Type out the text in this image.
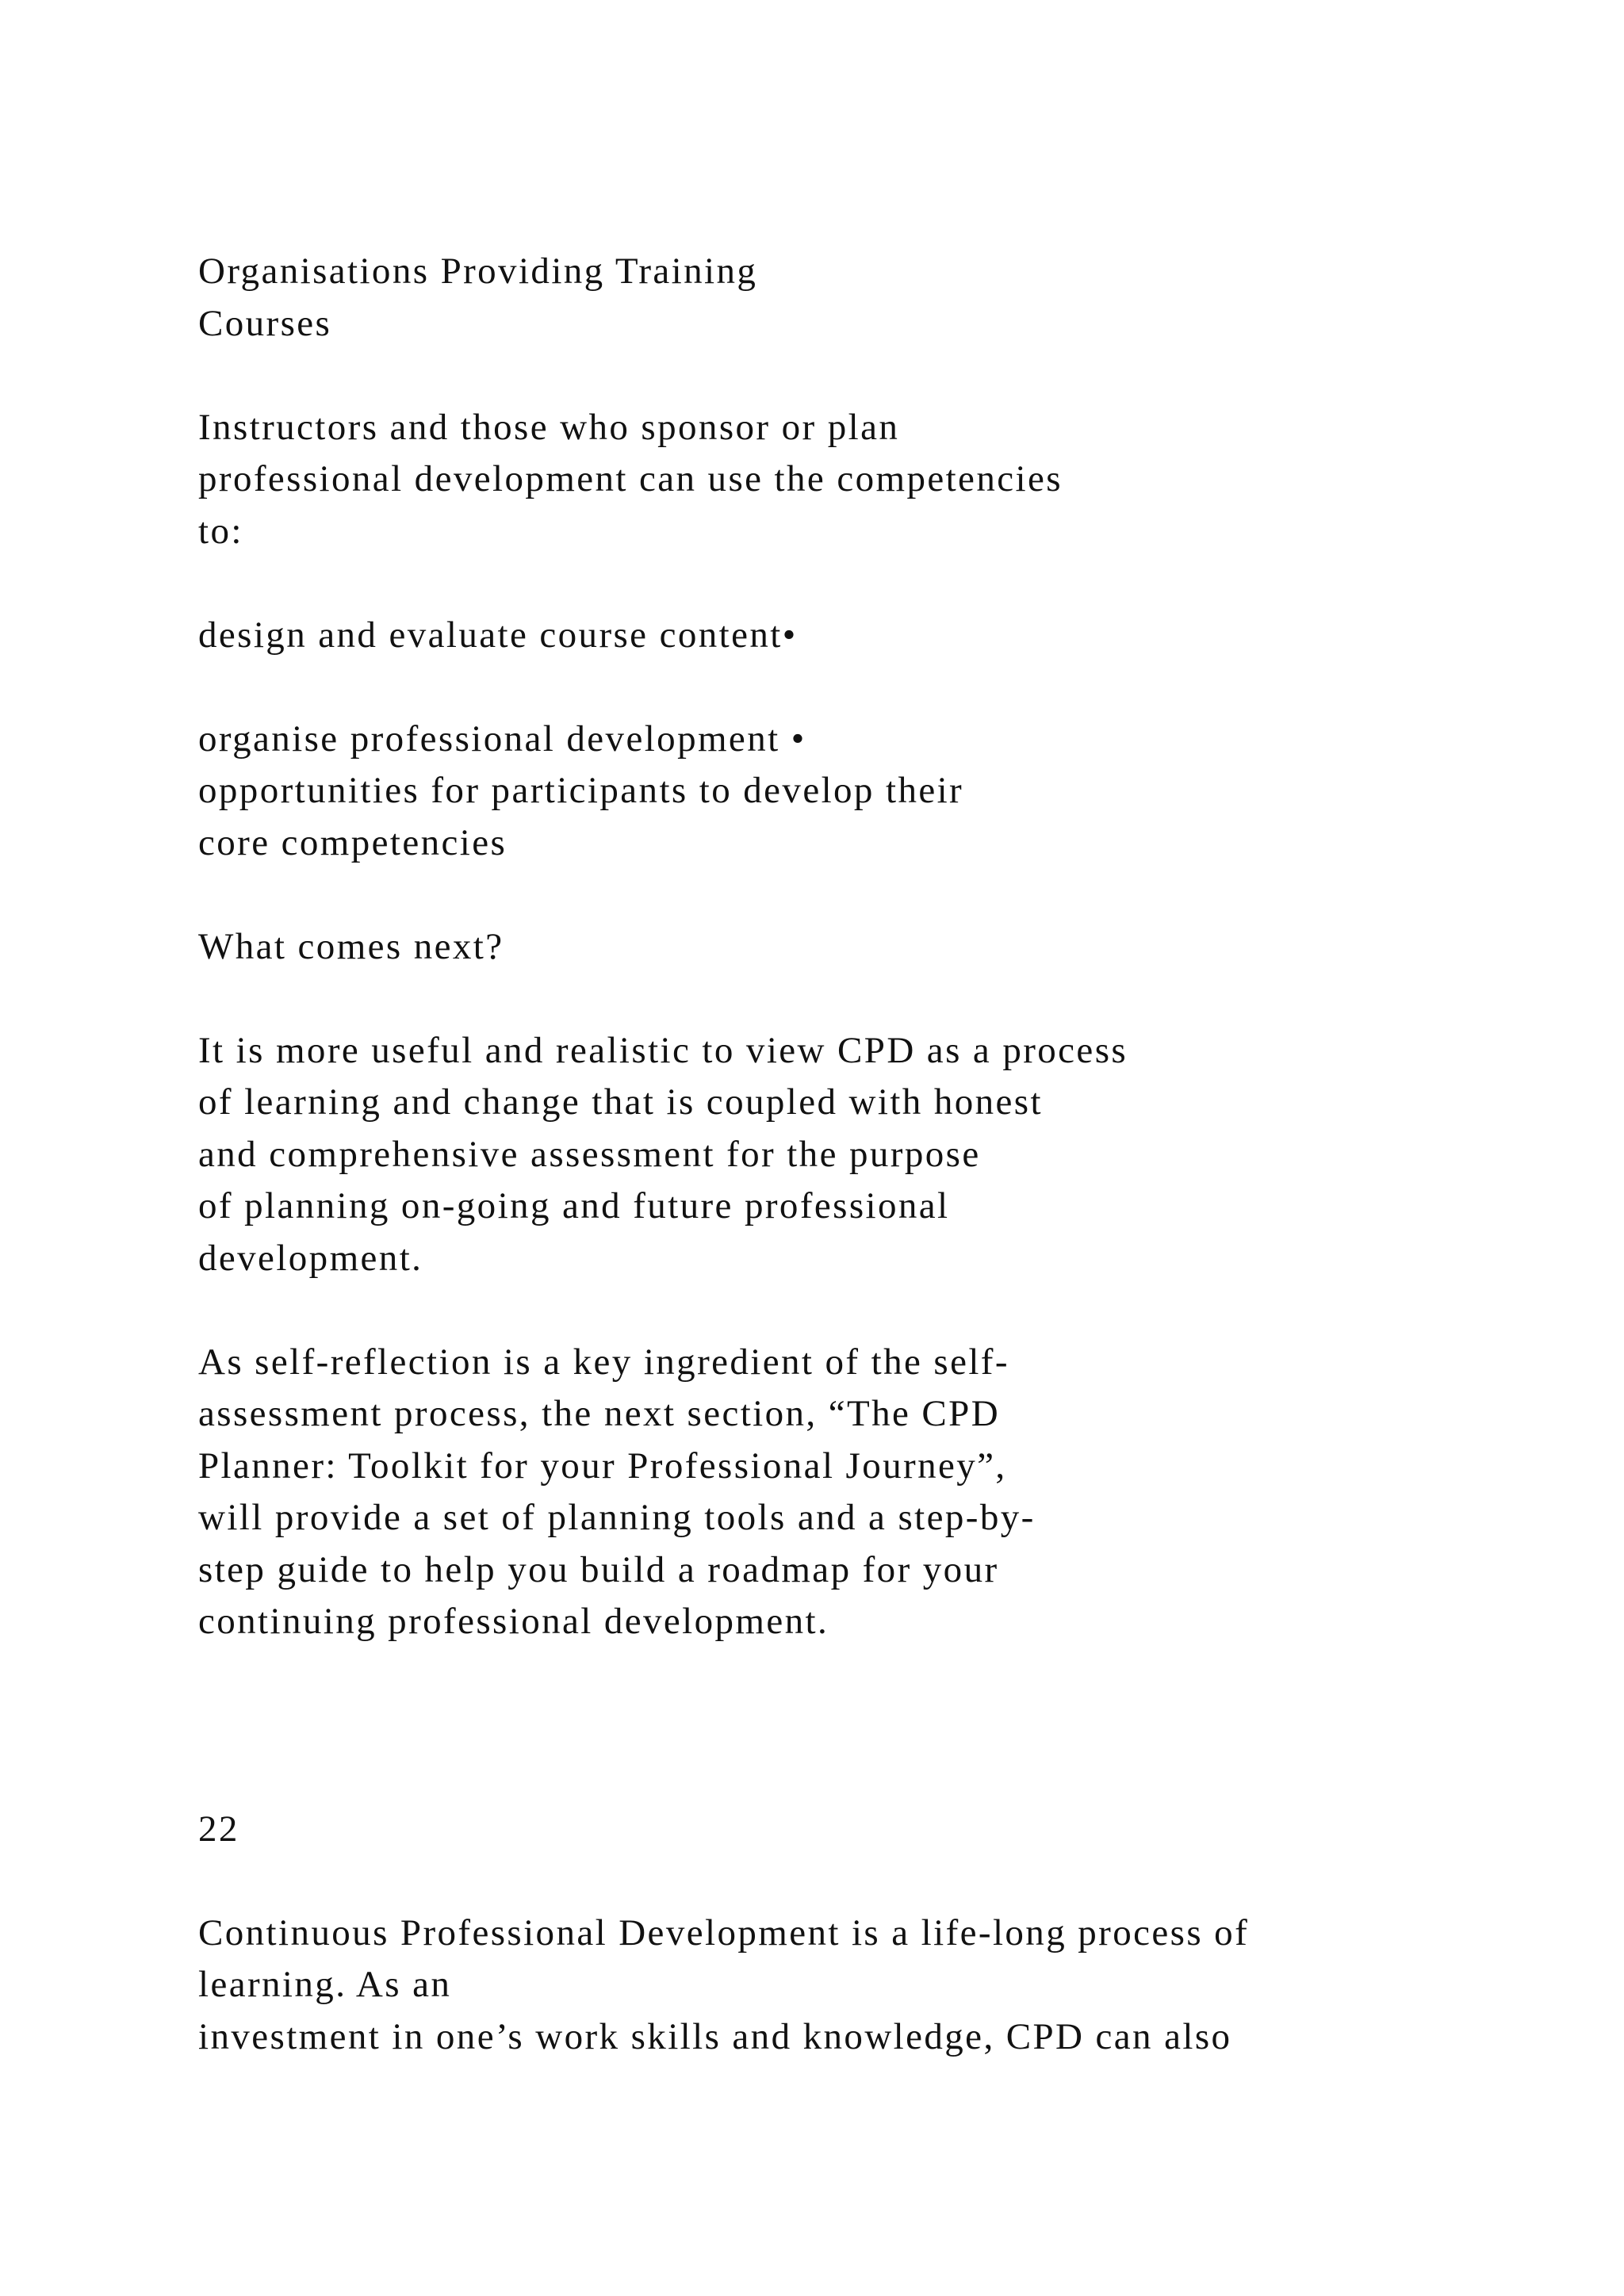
Organisations Providing Training
Courses
Instructors and those who sponsor or plan
professional development can use the competencies
to:
design and evaluate course content•
organise professional development •
opportunities for participants to develop their
core competencies
What comes next?
It is more useful and realistic to view CPD as a process
of learning and change that is coupled with honest
and comprehensive assessment for the purpose
of planning on-going and future professional
development.
As self-reflection is a key ingredient of the self-
assessment process, the next section, “The CPD
Planner: Toolkit for your Professional Journey”,
will provide a set of planning tools and a step-by-
step guide to help you build a roadmap for your
continuing professional development.
22
Continuous Professional Development is a life-long process of
learning. As an
investment in one’s work skills and knowledge, CPD can also
